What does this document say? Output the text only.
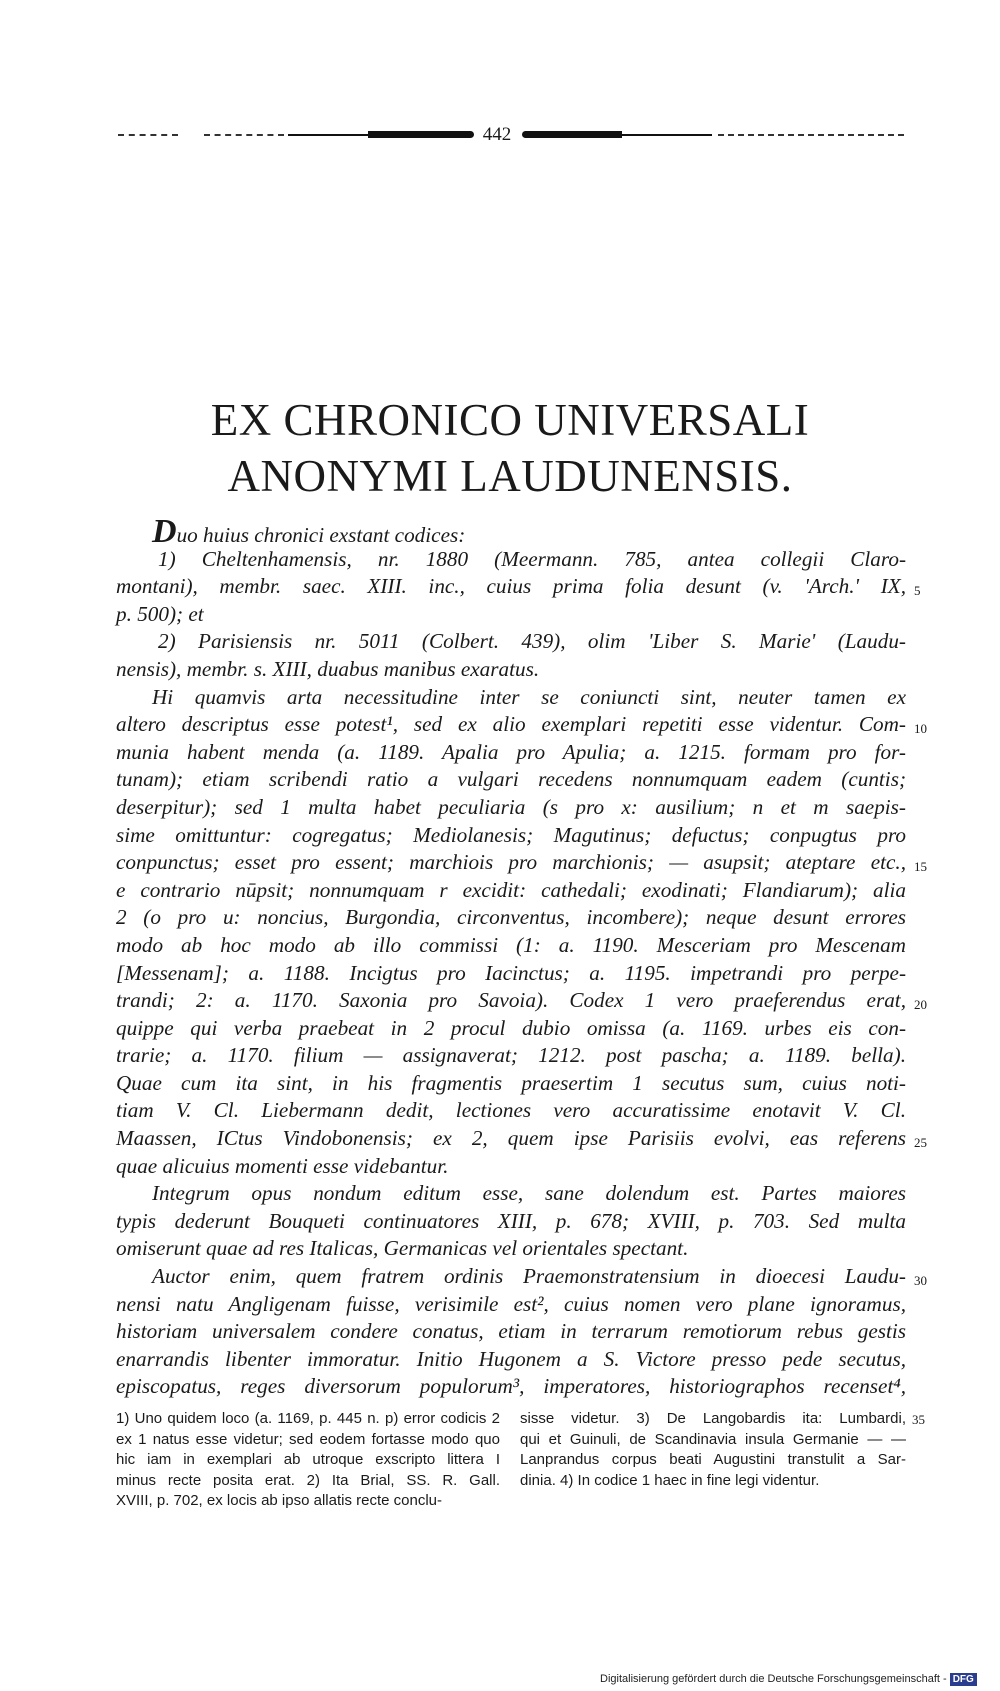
442
EX CHRONICO UNIVERSALI
ANONYMI LAUDUNENSIS.
Duo huius chronici exstant codices:
1) Cheltenhamensis, nr. 1880 (Meermann. 785, antea collegii Claro-
montani), membr. saec. XIII. inc., cuius prima folia desunt (v. 'Arch.' IX, 5
p. 500); et
2) Parisiensis nr. 5011 (Colbert. 439), olim 'Liber S. Marie' (Laudu-
nensis), membr. s. XIII, duabus manibus exaratus.
Hi quamvis arta necessitudine inter se coniuncti sint, neuter tamen ex
altero descriptus esse potest¹, sed ex alio exemplari repetiti esse videntur. Com- 10
munia habent menda (a. 1189. Apalia pro Apulia; a. 1215. formam pro for-
tunam); etiam scribendi ratio a vulgari recedens nonnumquam eadem (cuntis;
deserpitur); sed 1 multa habet peculiaria (s pro x: ausilium; n et m saepis-
sime omittuntur: cogregatus; Mediolanesis; Magutinus; defuctus; conpugtus pro
conpunctus; esset pro essent; marchiois pro marchionis; — asupsit; ateptare etc., 15
e contrario nūpsit; nonnumquam r excidit: cathedali; exodinati; Flandiarum); alia
2 (o pro u: noncius, Burgondia, circonventus, incombere); neque desunt errores
modo ab hoc modo ab illo commissi (1: a. 1190. Mesceriam pro Mescenam
[Messenam]; a. 1188. Incigtus pro Iacinctus; a. 1195. impetrandi pro perpe-
trandi; 2: a. 1170. Saxonia pro Savoia). Codex 1 vero praeferendus erat, 20
quippe qui verba praebeat in 2 procul dubio omissa (a. 1169. urbes eis con-
trarie; a. 1170. filium — assignaverat; 1212. post pascha; a. 1189. bella).
Quae cum ita sint, in his fragmentis praesertim 1 secutus sum, cuius noti-
tiam V. Cl. Liebermann dedit, lectiones vero accuratissime enotavit V. Cl.
Maassen, ICtus Vindobonensis; ex 2, quem ipse Parisiis evolvi, eas referens 25
quae alicuius momenti esse videbantur.
Integrum opus nondum editum esse, sane dolendum est. Partes maiores
typis dederunt Bouqueti continuatores XIII, p. 678; XVIII, p. 703. Sed multa
omiserunt quae ad res Italicas, Germanicas vel orientales spectant.
Auctor enim, quem fratrem ordinis Praemonstratensium in dioecesi Laudu- 30
nensi natu Angligenam fuisse, verisimile est², cuius nomen vero plane ignoramus,
historiam universalem condere conatus, etiam in terrarum remotiorum rebus gestis
enarrandis libenter immoratur. Initio Hugonem a S. Victore presso pede secutus,
episcopatus, reges diversorum populorum³, imperatores, historiographos recenset⁴,
1) Uno quidem loco (a. 1169, p. 445 n. p) error codicis 2
ex 1 natus esse videtur; sed eodem fortasse modo quo
hic iam in exemplari ab utroque exscripto littera I
minus recte posita erat. 2) Ita Brial, SS. R. Gall.
XVIII, p. 702, ex locis ab ipso allatis recte conclu-
sisse videtur. 3) De Langobardis ita: Lumbardi,
qui et Guinuli, de Scandinavia insula Germanie — —
Lanprandus corpus beati Augustini transtulit a Sar-
dinia. 4) In codice 1 haec in fine legi videntur.
35
Digitalisierung gefördert durch die Deutsche Forschungsgemeinschaft - DFG
